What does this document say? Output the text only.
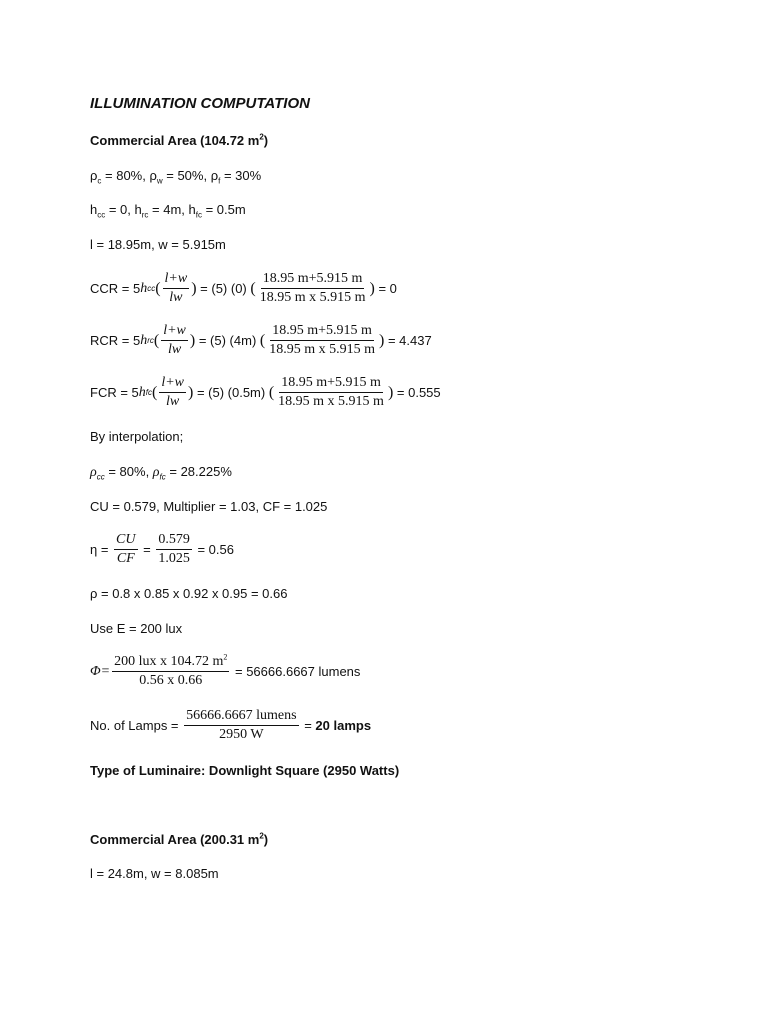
ILLUMINATION COMPUTATION
Commercial Area (104.72 $m^2$)
$\rho_c = 80\%$, $\rho_w = 50\%$, $\rho_f = 30\%$
$h_{cc} = 0$, $h_{rc} = 4m$, $h_{fc} = 0.5m$
l = 18.95m, w = 5.915m
CCR = 5 h cc ( $\frac{l+w}{lw}$ ) = (5) (0) ( $\frac{18.95 m+5.915 m}{\text{18.95 m x 5.915 m}}$ ) = 0
RCR = 5 h rc ( $\frac{l+w}{lw}$ ) = (5) (4m) ( $\frac{18.95 m+5.915 m}{\text{18.95 m x 5.915 m}}$ ) = 4.437
FCR = 5 h fc ( $\frac{l+w}{lw}$ ) = (5) (0.5m) ( $\frac{18.95 m+5.915 m}{\text{18.95 m x 5.915 m}}$ ) = 0.555
By interpolation;
$\rho_{cc} = 80\%$, $\rho_{fc} = 28.225\%$
CU = 0.579, Multiplier = 1.03, CF = 1.025
$\eta = \frac{CU}{CF} = \frac{0.579}{1.025} = 0.56$
ρ = 0.8 x 0.85 x 0.92 x 0.95 = 0.66
Use E = 200 lux
$\Phi= \frac{200 lux x 104.72 m^2}{0.56 x 0.66} = 56666.6667$ lumens
No. of Lamps = $\frac{\text{56666.6667 lumens}}{2950 W} = 20$ lamps
Type of Luminaire: Downlight Square (2950 Watts)
Commercial Area (200.31 $m^2$)
l = 24.8m, w = 8.085m
